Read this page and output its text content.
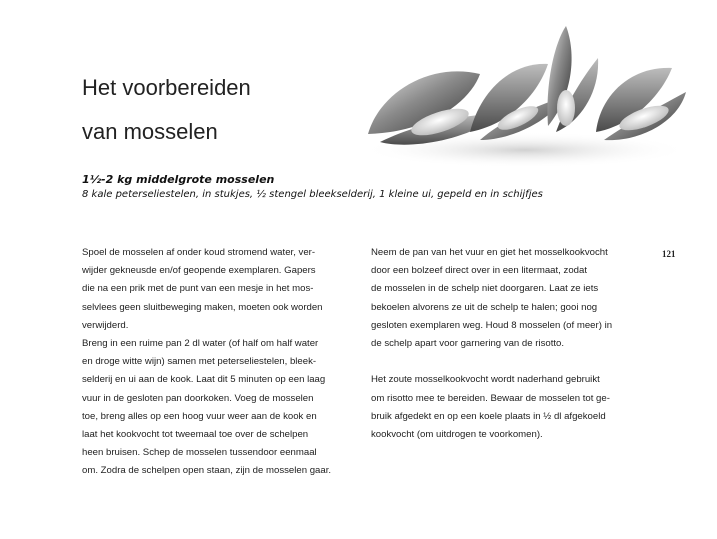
Het voorbereiden
van mosselen
1½-2 kg middelgrote mosselen
8 kale peterseliestelen, in stukjes, ½ stengel bleekselderij, 1 kleine ui, gepeld en in schijfjes
Spoel de mosselen af onder koud stromend water, ver-
wijder gekneusde en/of geopende exemplaren. Gapers
die na een prik met de punt van een mesje in het mos-
selvlees geen sluitbeweging maken, moeten ook worden
verwijderd.
Breng in een ruime pan 2 dl water (of half om half water
en droge witte wijn) samen met peterseliestelen, bleek-
selderij en ui aan de kook. Laat dit 5 minuten op een laag
vuur in de gesloten pan doorkoken. Voeg de mosselen
toe, breng alles op een hoog vuur weer aan de kook en
laat het kookvocht tot tweemaal toe over de schelpen
heen bruisen. Schep de mosselen tussendoor eenmaal
om. Zodra de schelpen open staan, zijn de mosselen gaar.
Neem de pan van het vuur en giet het mosselkookvocht
door een bolzeef direct over in een litermaat, zodat
de mosselen in de schelp niet doorgaren. Laat ze iets
bekoelen alvorens ze uit de schelp te halen; gooi nog
gesloten exemplaren weg. Houd 8 mosselen (of meer) in
de schelp apart voor garnering van de risotto.
Het zoute mosselkookvocht wordt naderhand gebruikt
om risotto mee te bereiden. Bewaar de mosselen tot ge-
bruik afgedekt en op een koele plaats in ½ dl afgekoeld
kookvocht (om uitdrogen te voorkomen).
121
